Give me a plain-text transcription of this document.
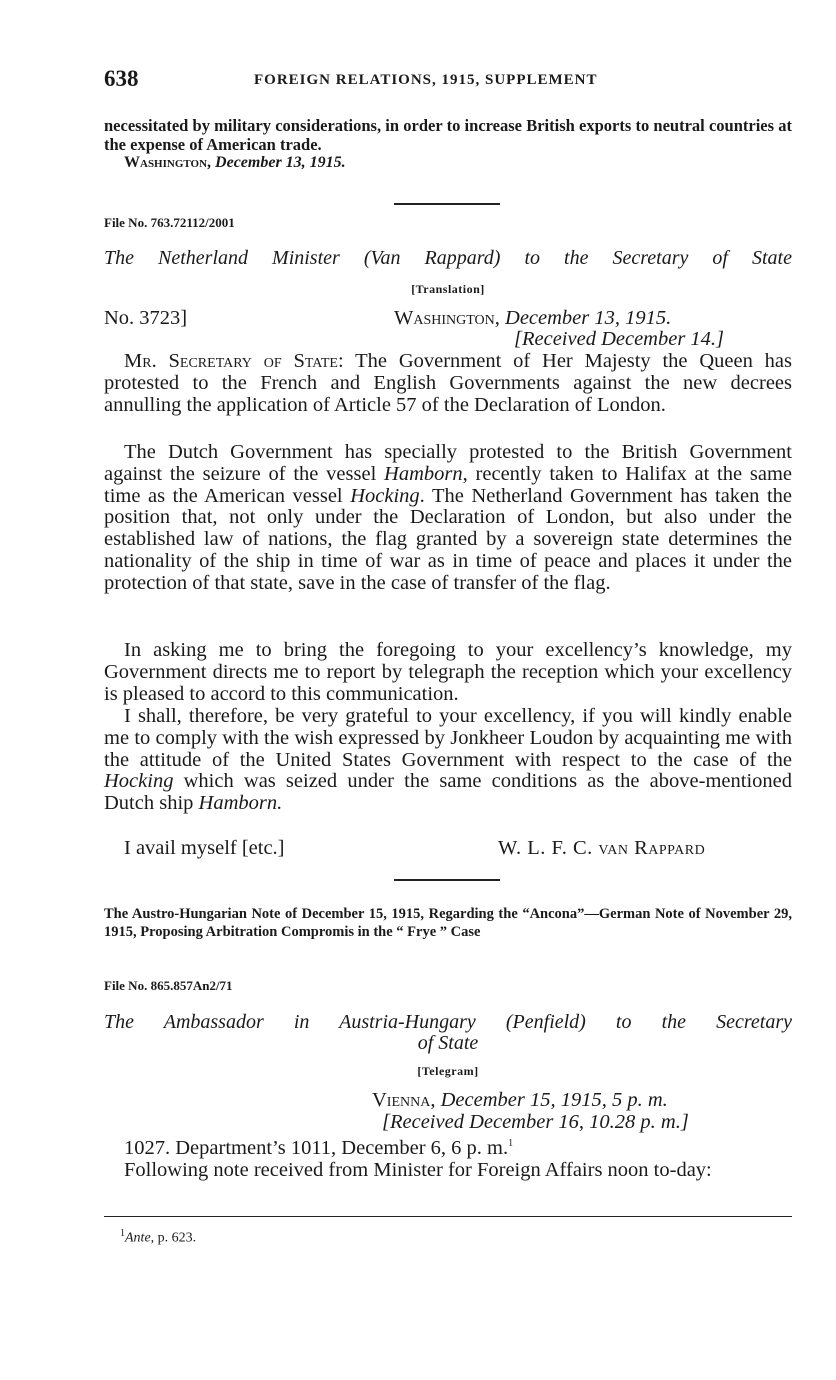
638	FOREIGN RELATIONS, 1915, SUPPLEMENT
necessitated by military considerations, in order to increase British exports to neutral countries at the expense of American trade.
Washington, December 13, 1915.
File No. 763.72112/2001
The Netherland Minister (Van Rappard) to the Secretary of State
[Translation]
No. 3723]	Washington, December 13, 1915.
[Received December 14.]
Mr. Secretary of State: The Government of Her Majesty the Queen has protested to the French and English Governments against the new decrees annulling the application of Article 57 of the Declaration of London.
The Dutch Government has specially protested to the British Government against the seizure of the vessel Hamborn, recently taken to Halifax at the same time as the American vessel Hocking. The Netherland Government has taken the position that, not only under the Declaration of London, but also under the established law of nations, the flag granted by a sovereign state determines the nationality of the ship in time of war as in time of peace and places it under the protection of that state, save in the case of transfer of the flag.
In asking me to bring the foregoing to your excellency’s knowledge, my Government directs me to report by telegraph the reception which your excellency is pleased to accord to this communication.
I shall, therefore, be very grateful to your excellency, if you will kindly enable me to comply with the wish expressed by Jonkheer Loudon by acquainting me with the attitude of the United States Government with respect to the case of the Hocking which was seized under the same conditions as the above-mentioned Dutch ship Hamborn.
I avail myself [etc.]	W. L. F. C. van Rappard
The Austro-Hungarian Note of December 15, 1915, Regarding the “Ancona”—German Note of November 29, 1915, Proposing Arbitration Compromis in the “ Frye ” Case
File No. 865.857An2/71
The Ambassador in Austria-Hungary (Penfield) to the Secretary
of State
[Telegram]
Vienna, December 15, 1915, 5 p. m.
[Received December 16, 10.28 p. m.]
1027. Department’s 1011, December 6, 6 p. m.$^1$
Following note received from Minister for Foreign Affairs noon to-day:
$^1$Ante, p. 623.
